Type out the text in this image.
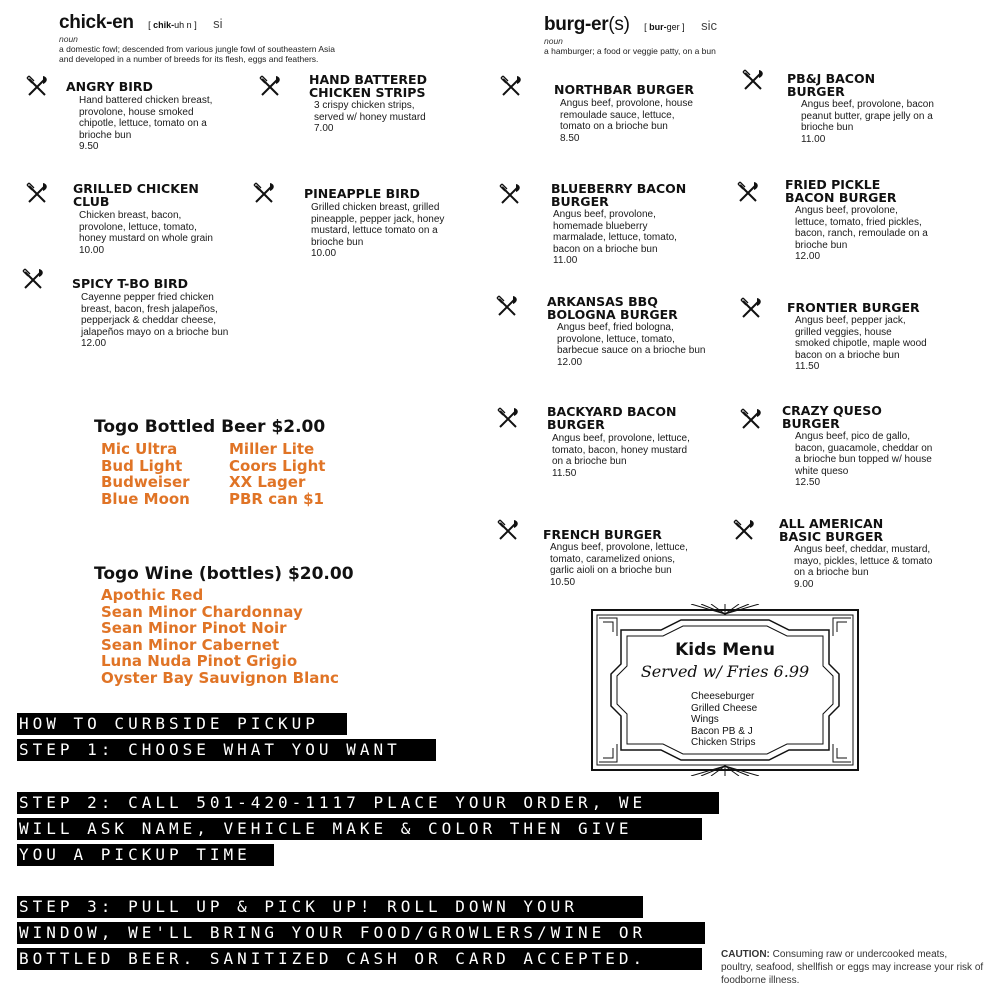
chick-en [ chik-uh n ] si
noun
a domestic fowl; descended from various jungle fowl of southeastern Asia
and developed in a number of breeds for its flesh, eggs and feathers.
burg-er(s) [ bur-ger ] sic
noun
a hamburger; a food or veggie patty, on a bun
ANGRY BIRD
Hand battered chicken breast,
provolone, house smoked
chipotle, lettuce, tomato on a
brioche bun
9.50
HAND BATTERED
CHICKEN STRIPS
3 crispy chicken strips,
served w/ honey mustard
7.00
GRILLED CHICKEN
CLUB
Chicken breast, bacon,
provolone, lettuce, tomato,
honey mustard on whole grain
10.00
PINEAPPLE BIRD
Grilled chicken breast, grilled
pineapple, pepper jack, honey
mustard, lettuce tomato on a
brioche bun
10.00
SPICY T-BO BIRD
Cayenne pepper fried chicken
breast, bacon, fresh jalapeños,
pepperjack & cheddar cheese,
jalapeños mayo on a brioche bun
12.00
NORTHBAR BURGER
Angus beef, provolone, house
remoulade sauce, lettuce,
tomato on a brioche bun
8.50
PB&J BACON
BURGER
Angus beef, provolone, bacon
peanut butter, grape jelly on a
brioche bun
11.00
BLUEBERRY BACON
BURGER
Angus beef, provolone,
homemade blueberry
marmalade, lettuce, tomato,
bacon on a brioche bun
11.00
FRIED PICKLE
BACON BURGER
Angus beef, provolone,
lettuce, tomato, fried pickles,
bacon, ranch, remoulade on a
brioche bun
12.00
ARKANSAS BBQ
BOLOGNA BURGER
Angus beef, fried bologna,
provolone, lettuce, tomato,
barbecue sauce on a brioche bun
12.00
FRONTIER BURGER
Angus beef, pepper jack,
grilled veggies, house
smoked chipotle, maple wood
bacon on a brioche bun
11.50
BACKYARD BACON
BURGER
Angus beef, provolone, lettuce,
tomato, bacon, honey mustard
on a brioche bun
11.50
CRAZY QUESO
BURGER
Angus beef, pico de gallo,
bacon, guacamole, cheddar on
a brioche bun topped w/ house
white queso
12.50
FRENCH BURGER
Angus beef, provolone, lettuce,
tomato, caramelized onions,
garlic aioli on a brioche bun
10.50
ALL AMERICAN
BASIC BURGER
Angus beef, cheddar, mustard,
mayo, pickles, lettuce & tomato
on a brioche bun
9.00
Togo Bottled Beer $2.00
Mic Ultra
Bud Light
Budweiser
Blue Moon
Miller Lite
Coors Light
XX Lager
PBR can $1
Togo Wine (bottles) $20.00
Apothic Red
Sean Minor Chardonnay
Sean Minor Pinot Noir
Sean Minor Cabernet
Luna Nuda Pinot Grigio
Oyster Bay Sauvignon Blanc
Kids Menu
Served w/ Fries 6.99
Cheeseburger
Grilled Cheese
Wings
Bacon PB & J
Chicken Strips
HOW TO CURBSIDE PICKUP
STEP 1: CHOOSE WHAT YOU WANT
STEP 2: CALL 501-420-1117 PLACE YOUR ORDER, WE
WILL ASK NAME, VEHICLE MAKE & COLOR THEN GIVE
YOU A PICKUP TIME
STEP 3: PULL UP & PICK UP! ROLL DOWN YOUR
WINDOW, WE'LL BRING YOUR FOOD/GROWLERS/WINE OR
BOTTLED BEER. SANITIZED CASH OR CARD ACCEPTED.	CAUTION: Consuming raw or undercooked meats,
poultry, seafood, shellfish or eggs may increase your risk of
foodborne illness.
